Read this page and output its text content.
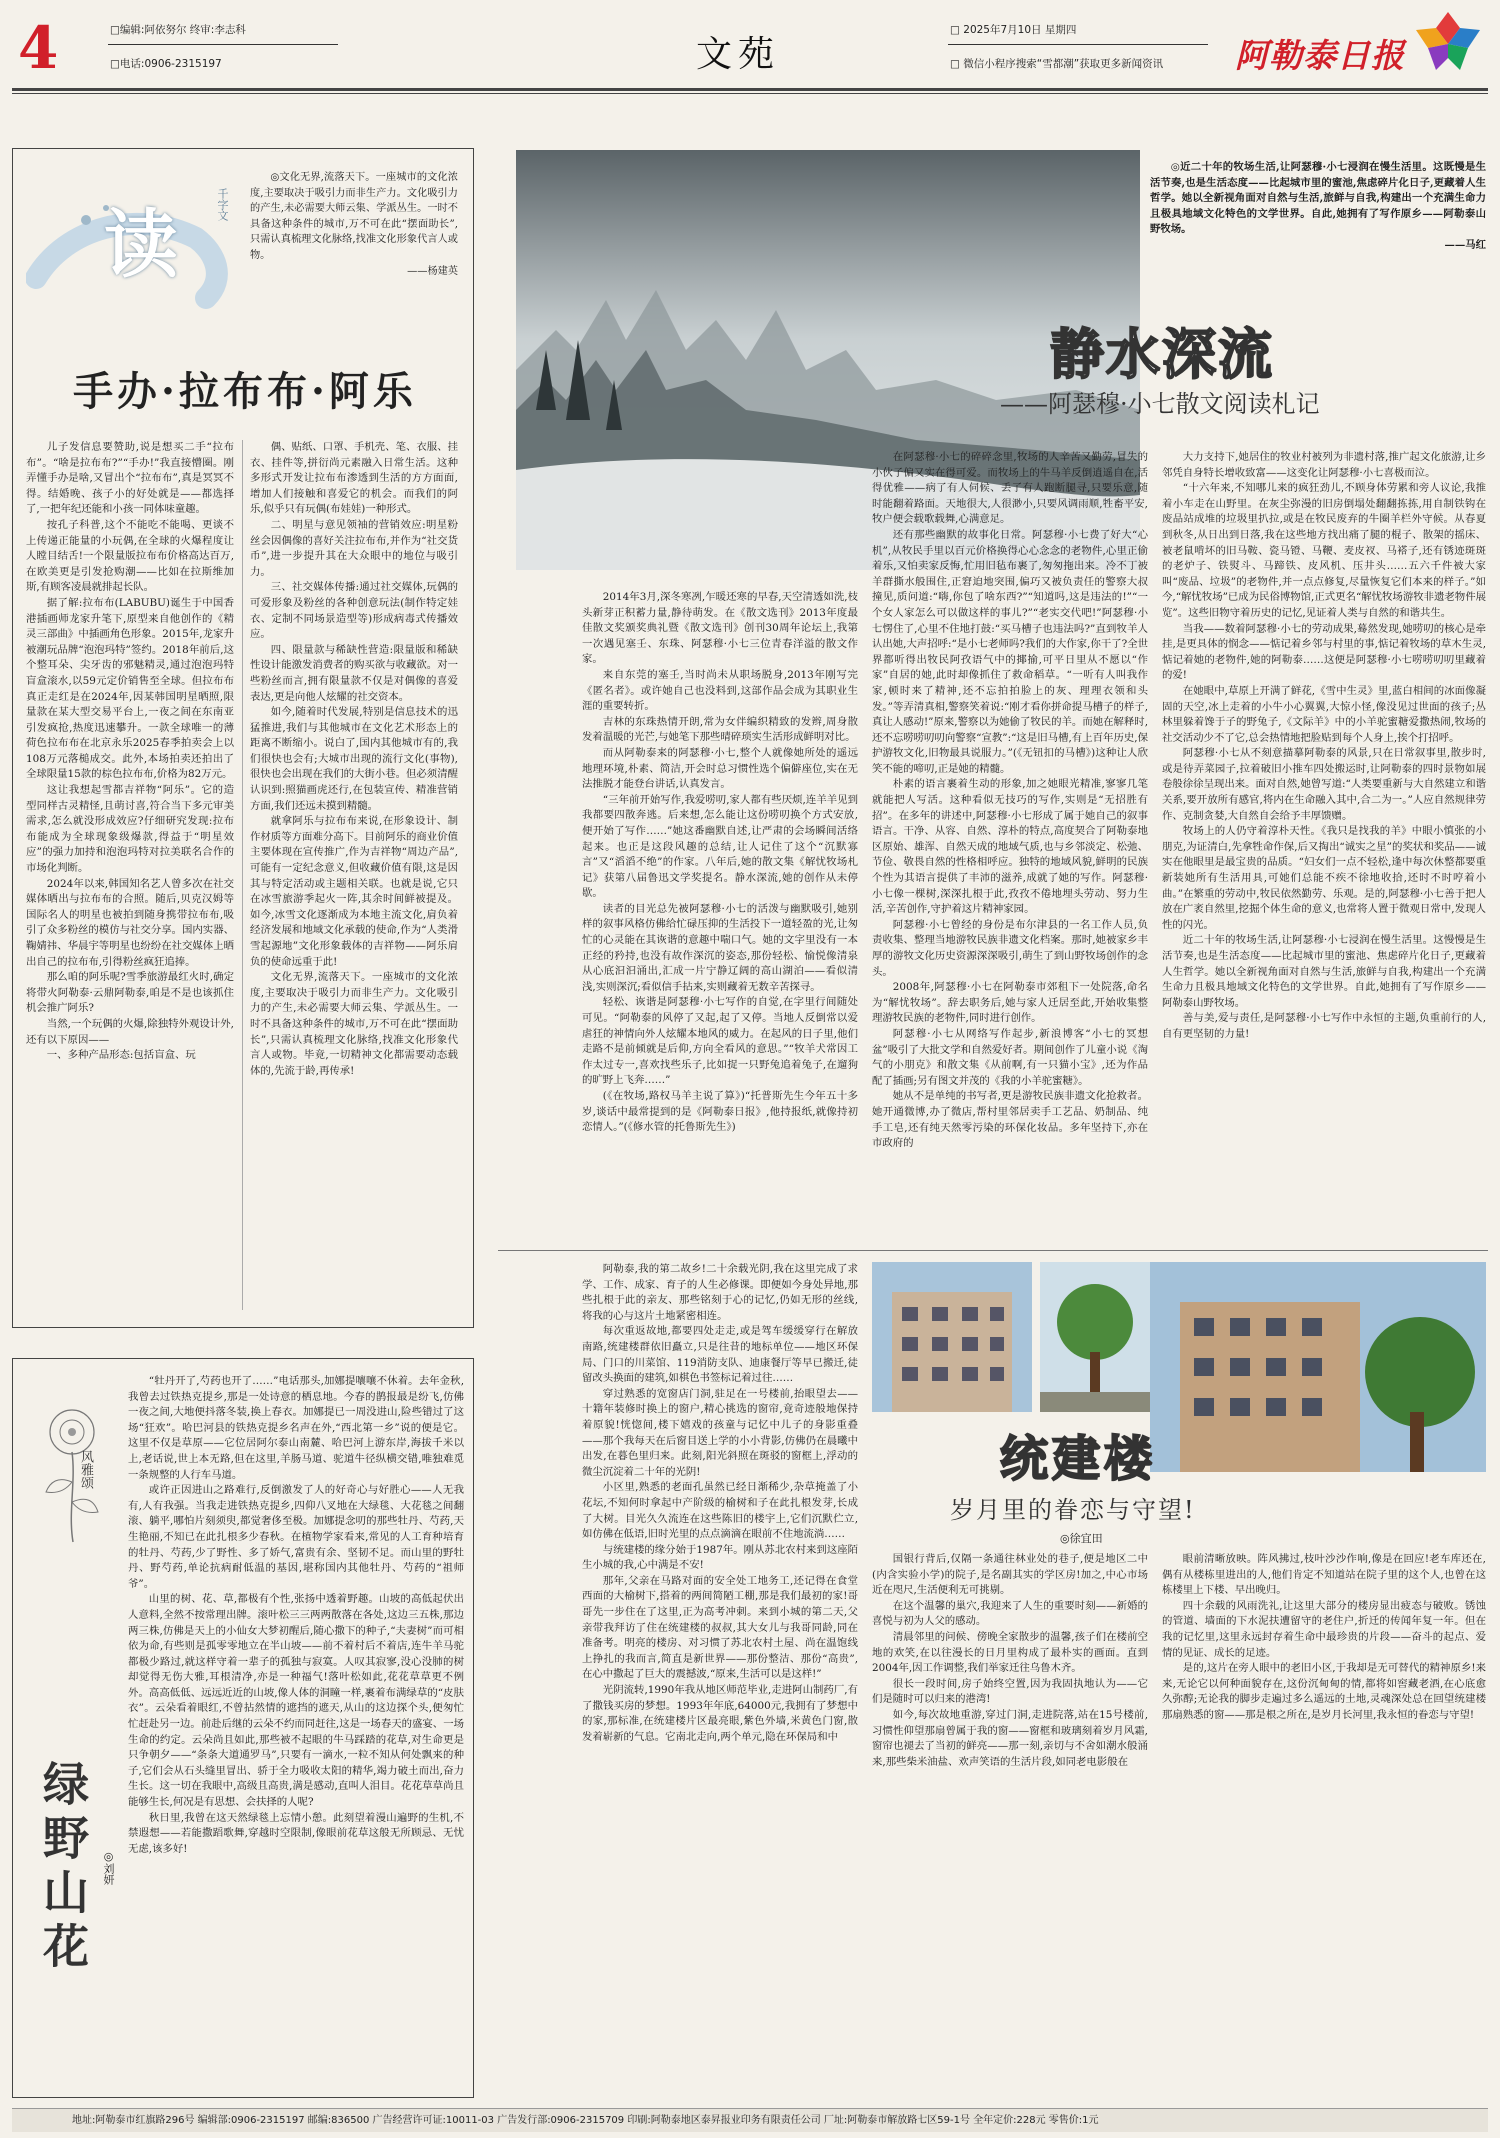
4	□编辑:阿依努尔 终审:李志科
□电话:0906-2315197	文苑
□ 2025年7月10日 星期四
□ 微信小程序搜索“雪都潮”获取更多新闻资讯 阿勒泰日报
读	千字文

◎文化无界,流落天下。一座城市的文化浓度,主要取决于吸引力而非生产力。文化吸引力的产生,未必需要大师云集、学派丛生。一时不具备这种条件的城市,万不可在此“摆面助长”,只需认真梳理文化脉络,找准文化形象代言人或物。

——杨建英
手办·拉布布·阿乐

儿子发信息要赞助,说是想买二手“拉布布”。“啥是拉布布?”“手办!”我直接懵圈。刚弄懂手办是啥,又冒出个“拉布布”,真是冥冥不得。结婚晚、孩子小的好处就是——都选择了,一把年纪还能和小孩一同体味童趣。

按孔子科普,这个不能吃不能喝、更谈不上传递正能量的小玩偶,在全球的火爆程度让人瞠目结舌!一个限量版拉布布价格高达百万,在欧美更是引发抢购潮——比如在拉斯维加斯,有顾客凌晨就排起长队。

据了解:拉布布(LABUBU)诞生于中国香港插画师龙家升笔下,原型来自他创作的《精灵三部曲》中插画角色形象。2015年,龙家升被潮玩品牌“泡泡玛特”签约。2018年前后,这个整耳朵、尖牙齿的邪魅精灵,通过泡泡玛特盲盒滚水,以59元定价销售至全球。但拉布布真正走红是在2024年,因某韩国明星晒照,限量款在某大型交易平台上,一夜之间在东南亚引发疯抢,热度迅速攀升。一款全球唯一的薄荷色拉布布在北京永乐2025春季拍卖会上以108万元落槌成交。此外,本场拍卖还拍出了全球限量15款的棕色拉布布,价格为82万元。

这让我想起雪都吉祥物“阿乐”。它的造型同样古灵精怪,且萌讨喜,符合当下多元审美需求,怎么就没形成效应?仔细研究发现:拉布布能成为全球现象级爆款,得益于“明星效应”的强力加持和泡泡玛特对拉美联名合作的市场化判断。

2024年以来,韩国知名艺人曾多次在社交媒体晒出与拉布布的合照。随后,贝克汉姆等国际名人的明星也被拍到随身携带拉布布,吸引了众多粉丝的模仿与社交分享。国内实器、鞠婧祎、华晨宇等明星也纷纷在社交媒体上晒出自己的拉布布,引得粉丝疯狂追捧。

那么咱的阿乐呢?雪季旅游最红火时,确定将带火阿勒泰·云鼎阿勒泰,咱是不是也该抓住机会推广阿乐?

当然,一个玩偶的火爆,除独特外观设计外,还有以下原因——

一、多种产品形态:包括盲盒、玩

偶、贴纸、口罩、手机壳、笔、衣服、挂衣、挂件等,拼衍尚元素融入日常生活。这种多形式开发让拉布布渗透到生活的方方面面,增加人们接触和喜爱它的机会。而我们的阿乐,似乎只有玩偶(布娃娃)一种形式。

二、明星与意见领袖的营销效应:明星粉丝会因偶像的喜好关注拉布布,并作为“社交货币”,进一步提升其在大众眼中的地位与吸引力。

三、社交媒体传播:通过社交媒体,玩偶的可爱形象及粉丝的各种创意玩法(制作特定娃衣、定制不同场景造型等)形成病毒式传播效应。

四、限量款与稀缺性营造:限量版和稀缺性设计能激发消费者的购买欲与收藏欲。对一些粉丝而言,拥有限量款不仅是对偶像的喜爱表达,更是向他人炫耀的社交资本。

如今,随着时代发展,特别是信息技术的迅猛推进,我们与其他城市在文化艺术形态上的距离不断缩小。说白了,国内其他城市有的,我们很快也会有;大城市出现的流行文化(事物),很快也会出现在我们的大街小巷。但必须清醒认识到:照猫画虎还行,在包装宣传、精准营销方面,我们还远未摸到精髓。

就拿阿乐与拉布布来说,在形象设计、制作材质等方面难分高下。目前阿乐的商业价值主要体现在宣传推广,作为吉祥物“周边产品”,可能有一定纪念意义,但收藏价值有限,这是因其与特定活动或主题相关联。也就是说,它只在冰雪旅游季起火一阵,其余时间鲜被提及。如今,冰雪文化逐渐成为本地主流文化,肩负着经济发展和地域文化承载的使命,作为“人类滑雪起源地”文化形象载体的吉祥物——阿乐肩负的使命远重于此!

文化无界,流落天下。一座城市的文化浓度,主要取决于吸引力而非生产力。文化吸引力的产生,未必需要大师云集、学派丛生。一时不具备这种条件的城市,万不可在此“摆面助长”,只需认真梳理文化脉络,找准文化形象代言人或物。毕竟,一切精神文化都需要动态载体的,先流于龄,再传承!

风雅颂
绿野山花	◎刘妍

“牡丹开了,芍药也开了……”电话那头,加娜提嚷嚷不休着。去年金秋,我曾去过铁热克提乡,那是一处诗意的栖息地。今春的鹊报最是纷飞,仿佛一夜之间,大地便抖落冬装,换上春衣。加娜提已一周没进山,险些错过了这场“狂欢”。哈巴河县的铁热克提乡名声在外,“西北第一乡”说的便是它。这里不仅是草原——它位居阿尔泰山南麓、哈巴河上游东岸,海拔千米以上,老话说,世上本无路,但在这里,羊肠马道、驼道牛径纵横交错,唯独难觅一条规整的人行车马道。

或许正因进山之路难行,反倒激发了人的好奇心与好胜心——人无我有,人有我强。当我走进铁热克提乡,四仰八叉地在大绿毯、大花毯之间翻滚、躺平,哪怕片刻须臾,都觉奢侈至极。加娜提念叨的那些牡丹、芍药,天生艳丽,不知已在此扎根多少春秋。在植物学家看来,常见的人工育种培育的牡丹、芍药,少了野性、多了娇气,富贵有余、坚韧不足。而山里的野牡丹、野芍药,单论抗病耐低温的基因,堪称国内其他牡丹、芍药的“祖师爷”。

山里的树、花、草,都极有个性,张扬中透着野趣。山坡的高低起伏出人意料,全然不按常理出牌。滚叶松三三两两散落在各处,这边三五株,那边两三株,仿佛是天上的小仙女大梦初醒后,随心撒下的种子,“夫妻树”而可相依为命,有些则是孤零零地立在半山坡——前不着村后不着店,连牛羊马驼都极少路过,就这样守着一辈子的孤独与寂寞。人叹其寂寥,没心没肺的树却觉得无伤大雅,耳根清净,亦是一种福气!落叶松如此,花花草草更不例外。高高低低、远远近近的山坡,像人体的洞瞳一样,裹着布满绿草的“皮肤衣”。云朵看着眼红,不曾拈然情的遮挡的遮天,从山的这边探个头,便匆忙忙赶赴另一边。前赴后继的云朵不约而同赶往,这是一场春天的盛宴、一场生命的约定。云朵尚且如此,那些被不起眼的牛马踩踏的花草,对生命更是只争朝夕——“条条大道通罗马”,只要有一滴水,一粒不知从何处飘来的种子,它们会从石头缝里冒出、骄于全力吸收太阳的精华,竭力破土而出,奋力生长。这一切在我眼中,高级且高贵,满是感动,直叫人泪目。花花草草尚且能够生长,何况是有思想、会扶择的人呢?

秋日里,我曾在这天然绿毯上忘情小憩。此刻望着漫山遍野的生机,不禁遐想——若能撒蹈歌舞,穿越时空限制,像眼前花草这般无所顾忌、无忧无虑,该多好!

◎近二十年的牧场生活,让阿瑟穆·小七浸润在慢生活里。这既慢是生活节奏,也是生活态度——比起城市里的蜜池,焦虑碎片化日子,更藏着人生哲学。她以全新视角面对自然与生活,旅鲜与自我,构建出一个充满生命力且极具地域文化特色的文学世界。自此,她拥有了写作原乡——阿勒泰山野牧场。

——马红
静水深流
——阿瑟穆·小七散文阅读札记

2014年3月,深冬寒冽,乍暖还寒的早春,天空清透如洗,枝头新芽正积蓄力量,静待萌发。在《散文选刊》2013年度最佳散文奖颁奖典礼暨《散文选刊》创刊30周年论坛上,我第一次遇见塞壬、东珠、阿瑟穆·小七三位青春洋溢的散文作家。

来自东莞的塞壬,当时尚未从职场脱身,2013年刚写完《匿名者》。或许她自己也没料到,这部作品会成为其职业生涯的重要转折。

吉林的东珠热情开朗,常为女伴编织精致的发辫,周身散发着温暖的光芒,与她笔下那些晴碎琐实生活形成鲜明对比。

而从阿勒泰来的阿瑟穆·小七,整个人就像她所处的遥远地理环境,朴素、简洁,开会时总习惯性选个偏僻座位,实在无法推脱才能登台讲话,认真发言。

“三年前开始写作,我爱唠叨,家人都有些厌烦,连羊羊见到我都要四散奔逃。后来想,怎么能让这份唠叨换个方式安放,便开始了写作……”她这番幽默自述,让严肃的会场瞬间活络起来。也正是这段风趣的总结,让人记住了这个“沉默寡言”又“滔滔不绝”的作家。八年后,她的散文集《解忧牧场札记》获第八届鲁迅文学奖提名。静水深流,她的创作从未停歇。

读者的目光总先被阿瑟穆·小七的活泼与幽默吸引,她别样的叙事风格仿佛给忙碌压抑的生活投下一道轻盈的光,让匆忙的心灵能在其诙谐的意趣中喘口气。她的文字里没有一本正经的矜持,也没有故作深沉的姿态,那份轻松、愉悦像清泉从心底汩汩涌出,汇成一片宁静辽阔的高山湖泊——看似清浅,实则深沉;看似信手拈来,实则藏着无数辛苦探寻。

轻松、诙谐是阿瑟穆·小七写作的自觉,在字里行间随处可见。“阿勒泰的风停了又起,起了又停。当地人反倒常以爱虐狂的神情向外人炫耀本地风的威力。在起风的日子里,他们走路不是前倾就是后仰,方向全看风的意思。”“牧羊犬常因工作太过专一,喜欢找些乐子,比如捉一只野兔追着兔子,在遛狗的旷野上飞奔……”

(《在牧场,路权马羊主说了算》)“托普斯先生今年五十多岁,谈话中最常提到的是《阿勒泰日报》,他持报纸,就像持初恋情人。”(《修水管的托鲁斯先生》)

在阿瑟穆·小七的碎碎念里,牧场的人辛苦又勤劳,冒失的小伙子偏又实在得可爱。而牧场上的牛马羊反倒逍遥自在,活得优雅——病了有人伺候、丢了有人跑断腿寻,只要乐意,随时能翻着路面。天地很大,人很渺小,只要风调雨顺,牲畜平安,牧户便会载歌载舞,心满意足。

还有那些幽默的故事化日常。阿瑟穆·小七费了好大“心机”,从牧民手里以百元价格换得心心念念的老物件,心里正偷着乐,又怕卖家反悔,忙用旧毡布裹了,匆匆拖出来。冷不丁被羊群撕水般围住,正窘迫地突围,偏巧又被负责任的警察大叔撞见,质问道:“嗨,你包了啥东西?”“知道吗,这是违法的!”“一个女人家怎么可以做这样的事儿?”“老实交代吧!”阿瑟穆·小七愣住了,心里不住地打鼓:“买马槽子也违法吗?”直到牧羊人认出她,大声招呼:“是小七老师吗?我们的大作家,你干了?全世界都听得出牧民阿孜语气中的揶揄,可平日里从不愿以“作家”自居的她,此时却像抓住了救命稻草。“一听有人叫我作家,顿时来了精神,还不忘拍拍脸上的灰、理理衣领和头发。”等弄清真相,警察笑着说:“刚才看你拼命提马槽子的样子,真让人感动!”原来,警察以为她偷了牧民的羊。而她在解释时,还不忘唠唠叨叨向警察“宣教”:“这是旧马槽,有上百年历史,保护游牧文化,旧物最具说服力。”(《无钮扣的马槽》)这种让人欣笑不能的啼叨,正是她的精髓。

朴素的语言裹着生动的形象,加之她眼光精准,寥寥几笔就能把人写活。这种看似无技巧的写作,实则是“无招胜有招”。在多年的讲述中,阿瑟穆·小七形成了属于她自己的叙事语言。干净、从容、自然、淳朴的特点,高度契合了阿勒泰地区原始、雄浑、自然天成的地域气质,也与乡邻淡定、松弛、节俭、敬畏自然的性格相呼应。独特的地域风貌,鲜明的民族个性为其语言提供了丰沛的滋养,成就了她的写作。阿瑟穆·小七像一棵树,深深扎根于此,孜孜不倦地埋头劳动、努力生活,辛苦创作,守护着这片精神家园。

阿瑟穆·小七曾经的身份是布尔津县的一名工作人员,负责收集、整理当地游牧民族非遗文化档案。那时,她被家乡丰厚的游牧文化历史资源深深吸引,萌生了到山野牧场创作的念头。

2008年,阿瑟穆·小七在阿勒泰市郊租下一处院落,命名为“解忧牧场”。辞去职务后,她与家人迁居至此,开始收集整理游牧民族的老物件,同时进行创作。

阿瑟穆·小七从网络写作起步,新浪博客“小七的冥想盆”吸引了大批文学和自然爱好者。期间创作了儿童小说《淘气的小朋克》和散文集《从前啊,有一只猫小宝》,还为作品配了插画;另有图文并茂的《我的小羊驼蜜糖》。

她从不是单纯的书写者,更是游牧民族非遗文化抢救者。她开通微博,办了微店,帮村里邻居卖手工艺品、奶制品、纯手工皂,还有纯天然零污染的环保化妆品。多年坚持下,亦在市政府的

大力支持下,她居住的牧业村被列为非遗村落,推广起文化旅游,让乡邻凭自身特长增收致富——这变化让阿瑟穆·小七喜极而泣。

“十六年来,不知哪儿来的疯狂劲儿,不顾身体劳累和旁人议论,我推着小车走在山野里。在灰尘弥漫的旧房倒塌处翻翻拣拣,用自制铁钩在废品站成堆的垃圾里扒拉,或是在牧民废弃的牛圈羊栏外守候。从春夏到秋冬,从日出到日落,我在这些地方找出痛了腿的棍子、散架的摇床、被老鼠啃坏的旧马鞍、瓷马镫、马鞭、麦皮衩、马褡子,还有锈迹斑斑的老炉子、铁熨斗、马蹄铁、皮风机、压井头……五六千件被大家叫“废品、垃圾”的老物件,并一点点修复,尽量恢复它们本来的样子。”如今,“解忧牧场”已成为民俗博物馆,正式更名“解忧牧场游牧非遗老物件展览”。这些旧物守着历史的记忆,见证着人类与自然的和谐共生。

当我——数着阿瑟穆·小七的劳动成果,蓦然发现,她唠叨的核心是牵挂,是更具体的悯念——惦记着乡邻与村里的事,惦记着牧场的草木生灵,惦记着她的老物件,她的阿勒泰……这便是阿瑟穆·小七唠唠叨叨里藏着的爱!

在她眼中,草原上开满了鲜花,《雪中生灵》里,蓝白相间的冰面像凝固的天空,冰上走着的小牛小心翼翼,大惊小怪,像没见过世面的孩子;丛林里躲着馋于子的野兔子,《文际羊》中的小羊驼蜜糖爱撒热闹,牧场的社交活动少不了它,总会热情地把脸贴到每个人身上,挨个打招呼。

阿瑟穆·小七从不刻意描摹阿勒泰的风景,只在日常叙事里,散步时,或是待弄菜园子,拉着破旧小推车四处搬运时,让阿勒泰的四时景物如展卷般徐徐呈现出来。面对自然,她曾写道:“人类要重新与大自然建立和谐关系,要开放所有感官,将内在生命融入其中,合二为一。”人应自然规律劳作、克制贪婪,大自然自会给予丰厚馈赠。

牧场上的人仍守着淳朴天性。《我只是找我的羊》中眼小慎张的小朋克,为证清白,先拿牲命作保,后又掏出“诚实之星”的奖状和奖品——诚实在他眼里是最宝贵的品质。“妇女们一点不轻松,逢中每次休整都要重新装她所有生活用具,可她们总能不疾不徐地收拾,还时不时哼着小曲。”在繁重的劳动中,牧民依然勤劳、乐观。是的,阿瑟穆·小七善于把人放在广袤自然里,挖掘个体生命的意义,也常将人置于微观日常中,发现人性的闪光。

近二十年的牧场生活,让阿瑟穆·小七浸润在慢生活里。这慢慢是生活节奏,也是生活态度——比起城市里的蜜池、焦虑碎片化日子,更藏着人生哲学。她以全新视角面对自然与生活,旅鲜与自我,构建出一个充满生命力且极具地域文化特色的文学世界。自此,她拥有了写作原乡——阿勒泰山野牧场。

善与美,爱与责任,是阿瑟穆·小七写作中永恒的主题,负重前行的人,自有更坚韧的力量!

阿勒泰,我的第二故乡!二十余载光阴,我在这里完成了求学、工作、成家、育子的人生必修课。即便如今身处异地,那些扎根于此的亲友、那些铭刻于心的记忆,仍如无形的丝线,将我的心与这片土地紧密相连。

每次重返故地,都要四处走走,或是驾车缓缓穿行在解放南路,统建楼群依旧矗立,只是往昔的地标单位——地区环保局、门口的川菜馆、119消防支队、迪康餐厅等早已搬迁,徒留改头换面的建筑,如棋色书签标记着过往……

穿过熟悉的宽窗店门洞,驻足在一号楼前,抬眼望去——十籍年装修时换上的窗户,精心挑选的窗帘,竟奇迹般地保持着原貌!恍惚间,楼下嬉戏的孩童与记忆中儿子的身影重叠——那个我每天在后窗目送上学的小小背影,仿佛仍在晨曦中出发,在暮色里归来。此刻,阳光斜照在斑驳的窗框上,浮动的微尘沉淀着二十年的光阴!

小区里,熟悉的老面孔虽然已经日渐稀少,杂草掩盖了小花坛,不知何时拿起中产阶级的榆树和子在此扎根发芽,长成了大树。目光久久流连在这些陈旧的楼宇上,它们沉默伫立,如仿佛在低语,旧时光里的点点滴滴在眼前不住地流淌……

与统建楼的缘分始于1987年。刚从苏北农村来到这座陌生小城的我,心中满是不安!

那年,父亲在马路对面的安全处工地务工,还记得在食堂西面的大榆树下,搭着的两间简陋工棚,那是我们最初的家!哥哥先一步住在了这里,正为高考冲刺。来到小城的第二天,父亲带我拜访了住在统建楼的叔叔,其大女儿与我哥同龄,同在准备考。明亮的楼房、对习惯了苏北农村土屋、尚在温饱线上挣扎的我而言,简直是新世界——那份整洁、那份“高贵”,在心中撒起了巨大的震撼波,“原来,生活可以是这样!”

光阴流转,1990年我从地区师范毕业,走进阿山制药厂,有了撒钱买房的梦想。1993年年底,64000元,我拥有了梦想中的家,那标准,在统建楼片区最亮眼,紫色外墙,米黄色门窗,散发着崭新的气息。它南北走向,两个单元,隐在环保局和中

统建楼
岁月里的眷恋与守望!
◎徐宜田

国银行背后,仅隔一条通往林业处的巷子,便是地区二中(内含实验小学)的院子,是名副其实的学区房!加之,中心市场近在咫尺,生活便利无可挑剔。

在这个温馨的巢穴,我迎来了人生的重要时刻——新婚的喜悦与初为人父的感动。

清晨邻里的问候、傍晚全家散步的温馨,孩子们在楼前空地的欢笑,在以往漫长的日月里构成了最朴实的画面。直到2004年,因工作调整,我们举家迁往乌鲁木齐。

很长一段时间,房子始终空置,因为我固执地认为——它们是随时可以归来的港湾!

如今,每次故地重游,穿过门洞,走进院落,站在15号楼前,习惯性仰望那扇曾属于我的窗——窗框和玻璃刻着岁月风霜,窗帘也褪去了当初的鲜亮——那一刻,亲切与不舍如潮水般涌来,那些柴米油盐、欢声笑语的生活片段,如同老电影般在

眼前清晰放映。阵风拂过,枝叶沙沙作响,像是在回应!老车库还在,偶有从楼栋里进出的人,他们肯定不知道站在院子里的这个人,也曾在这栋楼里上下楼、早出晚归。

四十余载的风雨洗礼,让这里大部分的楼房显出疲态与破败。锈蚀的管道、墙面的下水泥扶遭留守的老住户,折迁的传闻年复一年。但在我的记忆里,这里永远封存着生命中最珍贵的片段——奋斗的起点、爱情的见证、成长的足迹。

是的,这片在旁人眼中的老旧小区,于我却是无可替代的精神原乡!来来,无论它以何种面貌存在,这份沉甸甸的情,都将如窖藏老酒,在心底愈久弥醇;无论我的脚步走遍过多么遥远的土地,灵魂深处总在回望统建楼那扇熟悉的窗——那是根之所在,是岁月长河里,我永恒的眷恋与守望!

地址:阿勒泰市红旗路296号 编辑部:0906-2315197 邮编:836500 广告经营许可证:10011-03 广告发行部:0906-2315709 印刷:阿勒泰地区泰昇报业印务有限责任公司 厂址:阿勒泰市解放路七区59-1号 全年定价:228元 零售价:1元
